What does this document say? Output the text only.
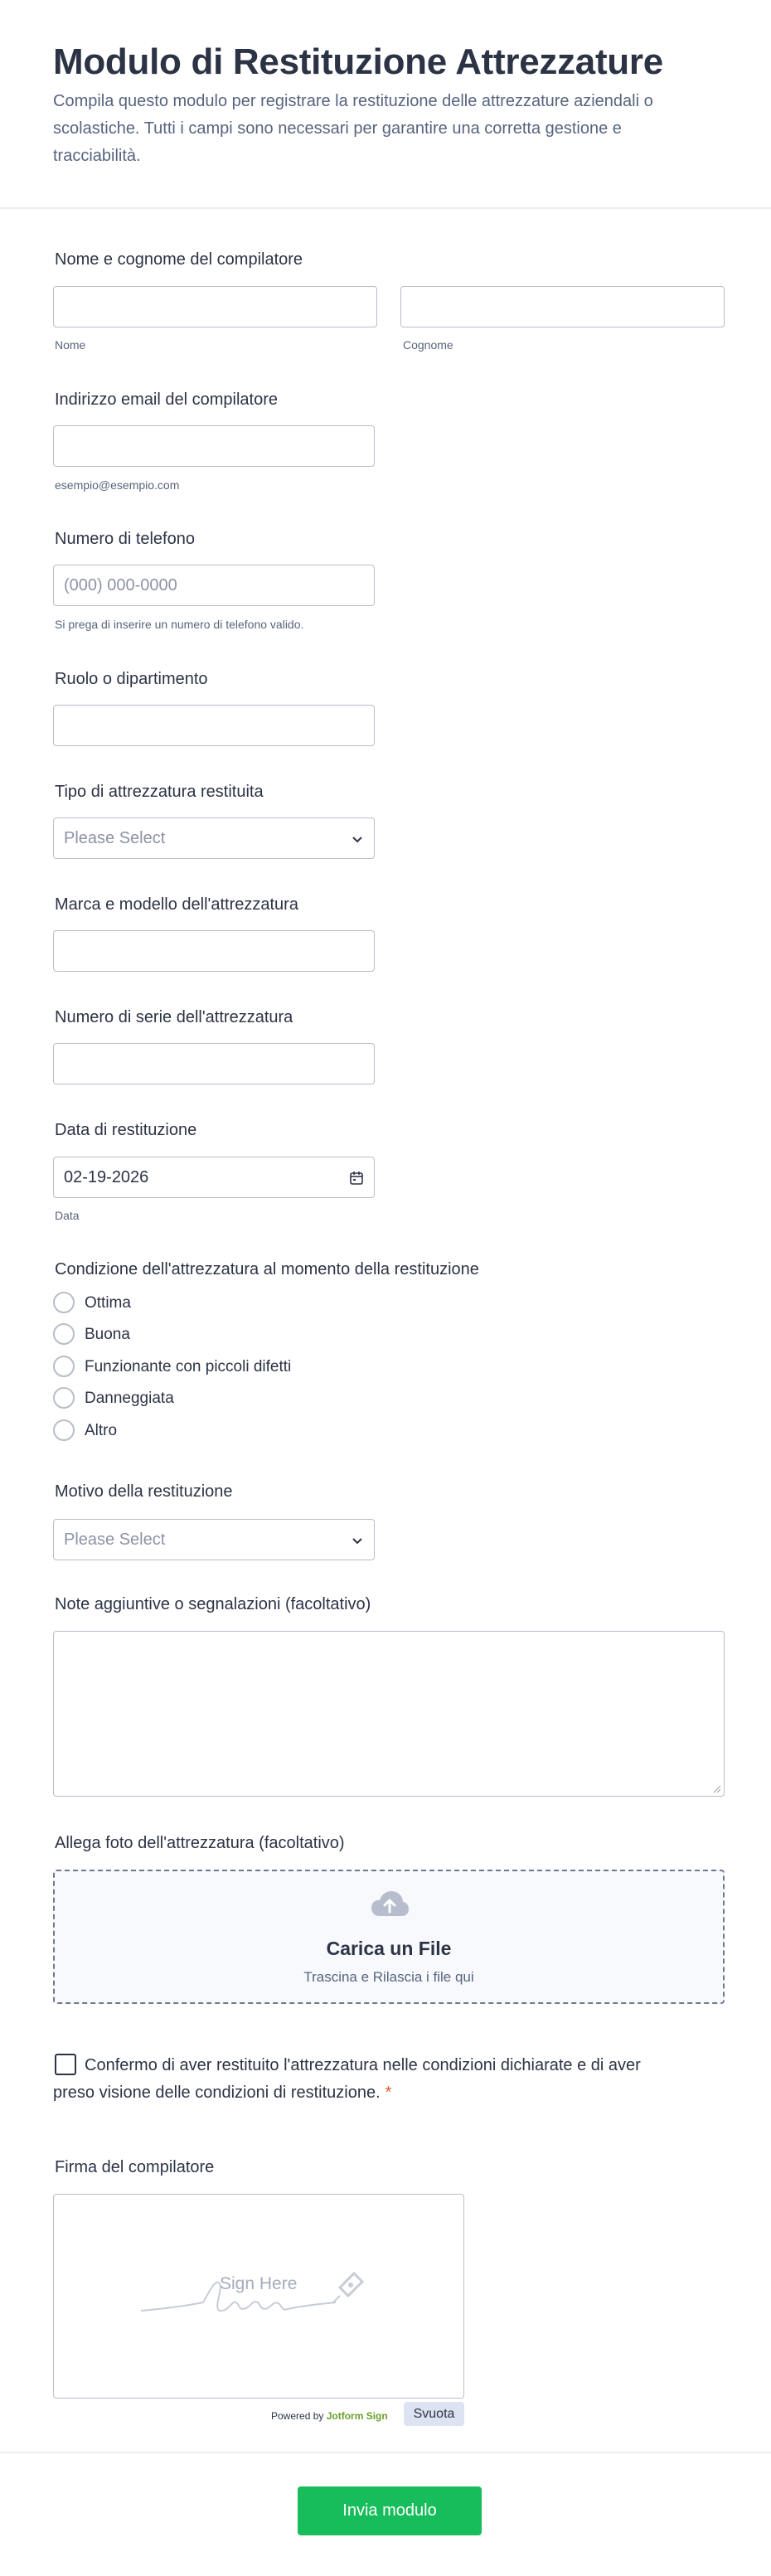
Modulo di Restituzione Attrezzature
Compila questo modulo per registrare la restituzione delle attrezzature aziendali o scolastiche. Tutti i campi sono necessari per garantire una corretta gestione e tracciabilità.
Nome e cognome del compilatore
Nome	Cognome
Indirizzo email del compilatore
esempio@esempio.com
Numero di telefono
(000) 000-0000
Si prega di inserire un numero di telefono valido.
Ruolo o dipartimento
Tipo di attrezzatura restituita
Please Select
Marca e modello dell'attrezzatura
Numero di serie dell'attrezzatura
Data di restituzione
02-19-2026
Data
Condizione dell'attrezzatura al momento della restituzione
Ottima
Buona
Funzionante con piccoli difetti
Danneggiata
Altro
Motivo della restituzione
Please Select
Note aggiuntive o segnalazioni (facoltativo)
Allega foto dell'attrezzatura (facoltativo)
Carica un File
Trascina e Rilascia i file qui
Confermo di aver restituito l'attrezzatura nelle condizioni dichiarate e di aver preso visione delle condizioni di restituzione. *
Firma del compilatore
Sign Here
Powered by Jotform Sign	Svuota
Invia modulo
